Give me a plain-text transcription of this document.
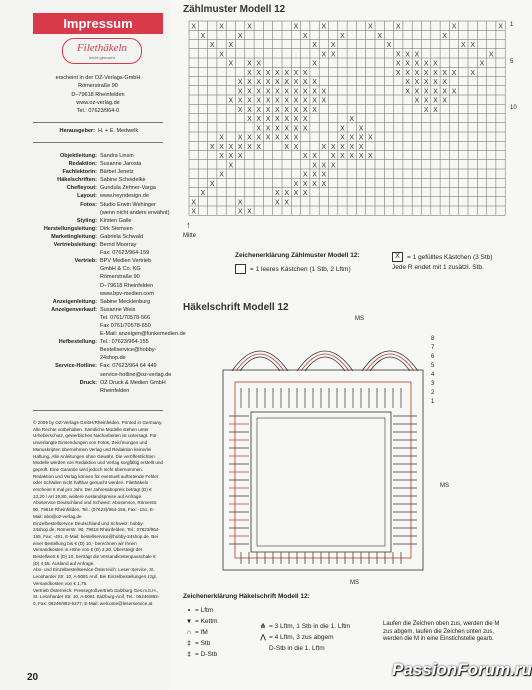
Impressum
Filethäkeln
leicht gemacht
erscheint in der OZ-Verlags-GmbH
Römerstraße 90
D–79618 Rheinfelden
www.oz-verlag.de
Tel.: 07623/964-0
Herausgeber: H. + E. Medwelk
Objektleitung: Sandra Linsin
Redaktion: Susanne Jarosta
Fachlektorin: Bärbel Jenetz
Häkelschriften: Sabine Scheidelke
Chefleyout: Gundula Zehner-Varga
Layout: www.heyndesign.de
Fotos: Studio Erwin Wehinger
(wenn nicht anders erwähnt)
Styling: Kirsten Galle
Herstellungsleitung: Dirk Siemsen
Marketingleitung: Gabriela Schwald
Vertriebsleitung: Bernd Moorray
Fax: 07623/964-159
Vertrieb: BPV Medien Vertrieb
GmbH & Co. KG
Römerstraße 90
D–79618 Rheinfelden
www.bpv-medien.com
Anzeigenleitung: Sabine Mecklenburg
Anzeigenverkauf: Susanne Weis
Tel. 0761/70578-566
Fax 0761/70578-650
E-Mail: anzeigen@funkemedien.de
Hefbestellung: Tel.: 07623/964-155
Bestellservice@hobby-
24shop.de
Service-Hotline: Fax: 07623/964 64 449
service-hotline@oz-verlag.de
Druck: OZ Druck & Medien GmbH
Rheinfelden

© 2009 by OZ-Verlags-GmbH/Rheinfelden. Printed in Germany. Alle Rechte vorbehalten. Sämtliche Modelle stehen unter Urheberschutz, gewerbliches Nacharbeiten ist untersagt. Für unverlangte Einsendungen von Fotos, Zeichnungen und Manuskripten übernehmen Verlag und Redaktion keinerlei Haftung. Alle Anleitungen ohne Gewähr. Die veröffentlichten Modelle werden von Redaktion und Verlag sorgfältig erstellt und geprüft. Eine Garantie wird jedoch nicht übernommen. Redaktion und Verlag können für eventuell auftretende Fehler oder Schäden nicht haftbar gemacht werden. Filethäkeln erscheint 6 mal pro Jahr. Der Jahresabopreis beträgt (D) € 13,20 / Arl 19,80, weitere Auslandspreise auf Anfrage.

Aboservice Deutschland und Schweiz: Aboservice, Römerstr. 90, 79618 Rheinfelden, Tel.: (07623)/964-156, Fax: -151, E-Mail: abo@oz-verlag.de

Einzelbestellservice Deutschland und Schweiz: hobby-24shop.de, Römerstr. 90, 79618 Rheinfelden, Tel.: 07623/964-155, Fax: -451, E-Mail: bestellservice@hobby-24shop.de. Bei einer Bestellung bis € (D) 10,- berechnen wir Ihnen Versandkosten in Höhe von € (D) 2,20. Übersteigt der Bestellwert € (D) 10, berträgt die Versandkostenpauschale € (D) 4,55. Ausland auf Anfrage.

Abo- und Einzelbestellservice Österreich: Leser-Service, St. Leonharder Str. 10, A-5081 Anif. Bei Einzelbestellungen zzgl. Versandkosten von € 1,75.

Vertrieb Österreich: Pressegroßvertrieb Salzburg Ges.m.b.H., St. Leonharder Str. 10, A-5081 Salzburg-Anif, Tel.: 06246/882-0, Fax: 06246/882-5277, E-Mail: welcome@leserservice.at

20
Zählmuster Modell 12
X	X	X	X	X	X	X	X	X
X	X	X	X	X	X
X X	X X	X	X X
X	X X	X X X	X
X X X	X	X X X X X	X
X X X X X X X	X X X X X X X X
X X X X X X X X X	X X X X X
X X X X X X X X X X	X X X X X X
X X X X X X X X X X X	X X X X
X X X X X X X X X	X X
X X X X X X X	X
X X X X X X	X X
X X X X X X X X	X X X X
X X X X X X	X X	X X X X X
X X X	X X X X X X X
X	X X X
X	X X X
X	X X X X
X	X X X X
X	X	X X
X	X X
1

5

10

↑
Mitte
Zeichenerklärung Zählmuster Modell 12:
= 1 leeres Kästchen (1 Stb, 2 Lftm)
X	= 1 gefülltes Kästchen (3 Stb)
Jede R endet mit 1 zusätzl. Stb.
Häkelschrift Modell 12
MS
MS
MS
8
7
6
5
4
3
2
1
Zeichenerklärung Häkelschrift Modell 12:
• = Lftm
▾ = Kettm
∩ = fM
‡ = Stb
‡ = D-Stb
⋔ = 3 Lftm, 1 Stb in die 1. Lftm
⋀ = 4 Lftm, 3 zus abgem
D-Stb in die 1. Lftm
Laufen die Zeichen oben zus, werden die M zus abgem, laufen die Zeichen unten zus, werden die M in eine Einstichstelle gearb.
PassionForum.ru
